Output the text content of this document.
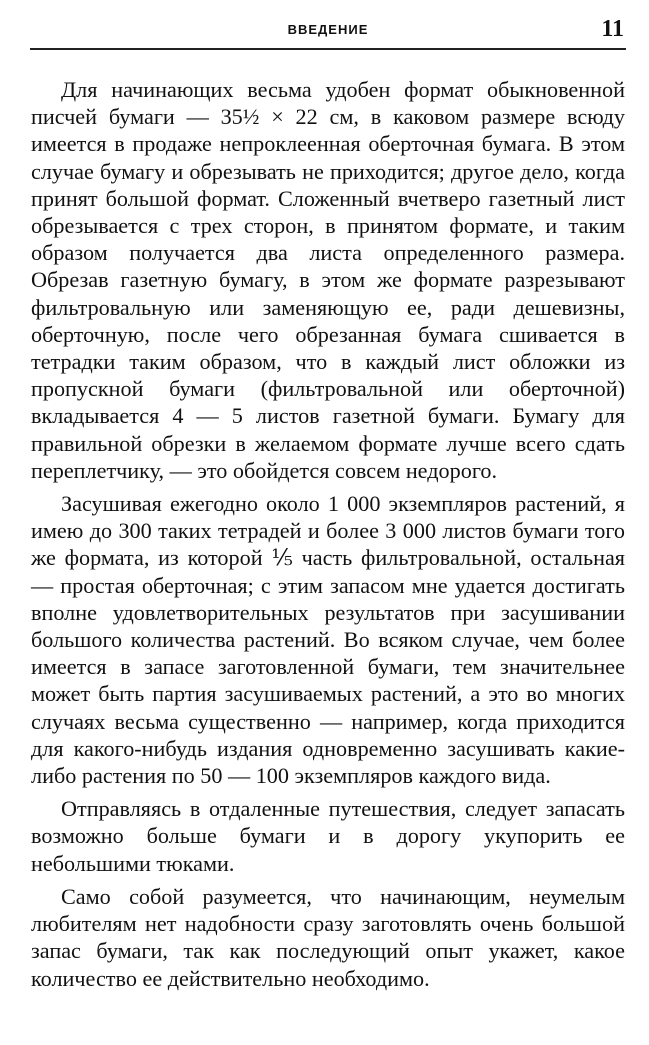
ВВЕДЕНИЕ	11

Для начинающих весьма удобен формат обыкновенной писчей бумаги — 35½ × 22 см, в каковом размере всюду имеется в продаже непроклеенная оберточная бумага. В этом случае бумагу и обрезывать не приходится; другое дело, когда принят большой формат. Сложенный вчетверо газетный лист обрезывается с трех сторон, в принятом формате, и таким образом получается два листа определенного размера. Обрезав газетную бумагу, в этом же формате разрезывают фильтровальную или заменяющую ее, ради дешевизны, оберточную, после чего обрезанная бумага сшивается в тетрадки таким образом, что в каждый лист обложки из пропускной бумаги (фильтровальной или оберточной) вкладывается 4 — 5 листов газетной бумаги. Бумагу для правильной обрезки в желаемом формате лучше всего сдать переплетчику, — это обойдется совсем недорого.

Засушивая ежегодно около 1 000 экземпляров растений, я имею до 300 таких тетрадей и более 3 000 листов бумаги того же формата, из которой ⅕ часть фильтровальной, остальная — простая оберточная; с этим запасом мне удается достигать вполне удовлетворительных результатов при засушивании большого количества растений. Во всяком случае, чем более имеется в запасе заготовленной бумаги, тем значительнее может быть партия засушиваемых растений, а это во многих случаях весьма существенно — например, когда приходится для какого-нибудь издания одновременно засушивать какие-либо растения по 50 — 100 экземпляров каждого вида.

Отправляясь в отдаленные путешествия, следует запасать возможно больше бумаги и в дорогу укупорить ее небольшими тюками.

Само собой разумеется, что начинающим, неумелым любителям нет надобности сразу заготовлять очень большой запас бумаги, так как последующий опыт укажет, какое количество ее действительно необходимо.
